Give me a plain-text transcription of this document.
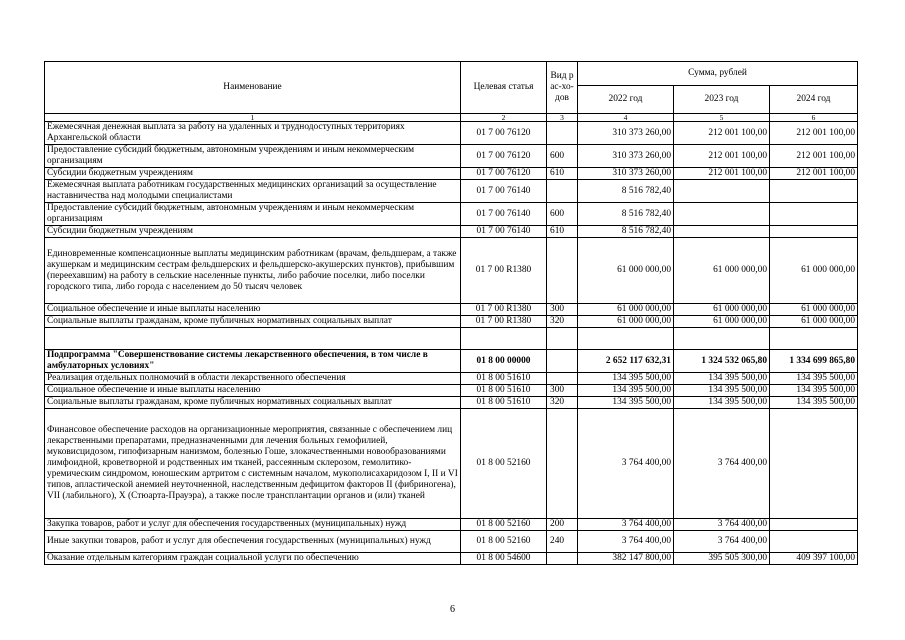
Наименование	Целевая статья	Вид рас-хо-дов	Сумма, рублей		
			2022 год	2023 год	2024 год
1	2	3	4	5	6
Ежемесячная денежная выплата за работу на удаленных и труднодоступных территориях Архангельской области	01 7 00 76120		310 373 260,00	212 001 100,00	212 001 100,00
Предоставление субсидий бюджетным, автономным учреждениям и иным некоммерческим организациям	01 7 00 76120	600	310 373 260,00	212 001 100,00	212 001 100,00
Субсидии бюджетным учреждениям	01 7 00 76120	610	310 373 260,00	212 001 100,00	212 001 100,00
Ежемесячная выплата работникам государственных медицинских организаций за осуществление наставничества над молодыми специалистами	01 7 00 76140		8 516 782,40		
Предоставление субсидий бюджетным, автономным учреждениям и иным некоммерческим организациям	01 7 00 76140	600	8 516 782,40		
Субсидии бюджетным учреждениям	01 7 00 76140	610	8 516 782,40		
Единовременные компенсационные выплаты медицинским работникам (врачам, фельдшерам, а также акушеркам и медицинским сестрам фельдшерских и фельдшерско-акушерских пунктов), прибывшим (переехавшим) на работу в сельские населенные пункты, либо рабочие поселки, либо поселки городского типа, либо города с населением до 50 тысяч человек	01 7 00 R1380		61 000 000,00	61 000 000,00	61 000 000,00
Социальное обеспечение и иные выплаты населению	01 7 00 R1380	300	61 000 000,00	61 000 000,00	61 000 000,00
Социальные выплаты гражданам, кроме публичных нормативных социальных выплат	01 7 00 R1380	320	61 000 000,00	61 000 000,00	61 000 000,00

Подпрограмма "Совершенствование системы лекарственного обеспечения, в том числе в амбулаторных условиях"	01 8 00 00000		2 652 117 632,31	1 324 532 065,80	1 334 699 865,80
Реализация отдельных полномочий в области лекарственного обеспечения	01 8 00 51610		134 395 500,00	134 395 500,00	134 395 500,00
Социальное обеспечение и иные выплаты населению	01 8 00 51610	300	134 395 500,00	134 395 500,00	134 395 500,00
Социальные выплаты гражданам, кроме публичных нормативных социальных выплат	01 8 00 51610	320	134 395 500,00	134 395 500,00	134 395 500,00
Финансовое обеспечение расходов на организационные мероприятия, связанные с обеспечением лиц лекарственными препаратами, предназначенными для лечения больных гемофилией, муковисцидозом, гипофизарным нанизмом, болезнью Гоше, злокачественными новообразованиями лимфоидной, кроветворной и родственных им тканей, рассеянным склерозом, гемолитико-уремическим синдромом, юношеским артритом с системным началом, мукополисахаридозом I, II и VI типов, апластической анемией неуточненной, наследственным дефицитом факторов II (фибриногена), VII (лабильного), X (Стюарта-Прауэра), а также после трансплантации органов и (или) тканей	01 8 00 52160		3 764 400,00	3 764 400,00	
Закупка товаров, работ и услуг для обеспечения государственных (муниципальных) нужд	01 8 00 52160	200	3 764 400,00	3 764 400,00	
Иные закупки товаров, работ и услуг для обеспечения государственных (муниципальных) нужд	01 8 00 52160	240	3 764 400,00	3 764 400,00	
Оказание отдельным категориям граждан социальной услуги по обеспечению	01 8 00 54600		382 147 800,00	395 505 300,00	409 397 100,00
6
